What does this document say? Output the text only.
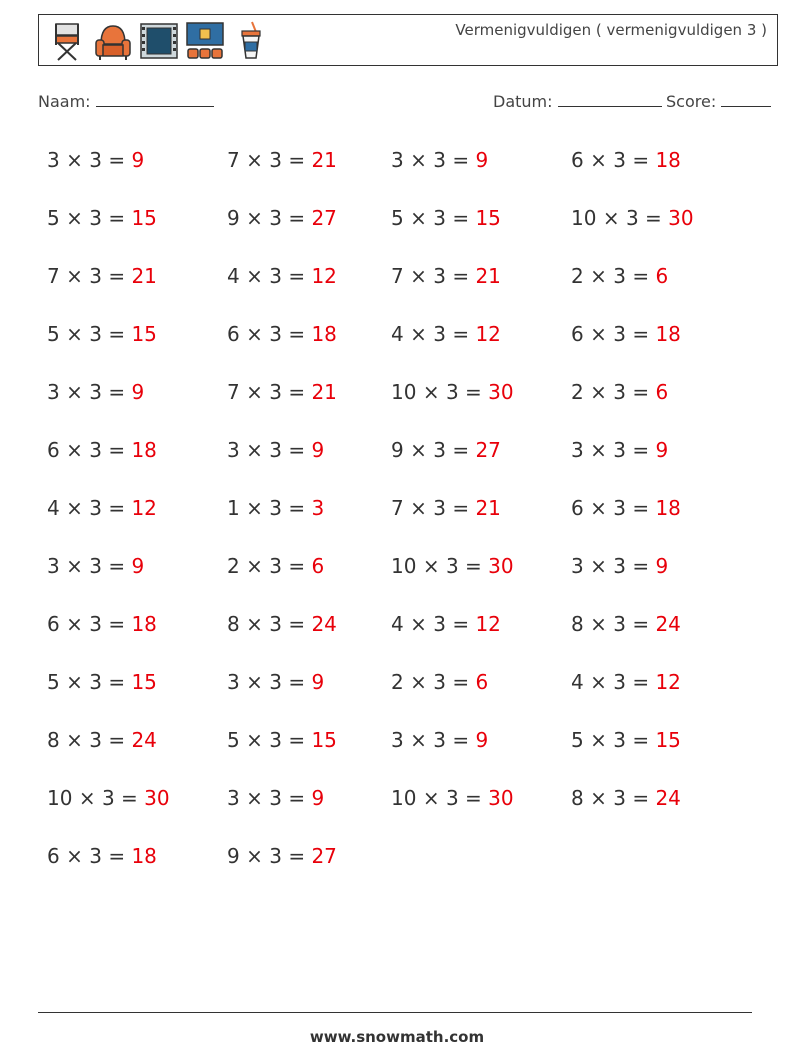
Vermenigvuldigen ( vermenigvuldigen 3 )
Naam:	Datum:	Score:
3 × 3 = 9
5 × 3 = 15
7 × 3 = 21
5 × 3 = 15
3 × 3 = 9
6 × 3 = 18
4 × 3 = 12
3 × 3 = 9
6 × 3 = 18
5 × 3 = 15
8 × 3 = 24
10 × 3 = 30
6 × 3 = 18
7 × 3 = 21
9 × 3 = 27
4 × 3 = 12
6 × 3 = 18
7 × 3 = 21
3 × 3 = 9
1 × 3 = 3
2 × 3 = 6
8 × 3 = 24
3 × 3 = 9
5 × 3 = 15
3 × 3 = 9
9 × 3 = 27
3 × 3 = 9
5 × 3 = 15
7 × 3 = 21
4 × 3 = 12
10 × 3 = 30
9 × 3 = 27
7 × 3 = 21
10 × 3 = 30
4 × 3 = 12
2 × 3 = 6
3 × 3 = 9
10 × 3 = 30
6 × 3 = 18
10 × 3 = 30
2 × 3 = 6
6 × 3 = 18
2 × 3 = 6
3 × 3 = 9
6 × 3 = 18
3 × 3 = 9
8 × 3 = 24
4 × 3 = 12
5 × 3 = 15
8 × 3 = 24
www.snowmath.com
